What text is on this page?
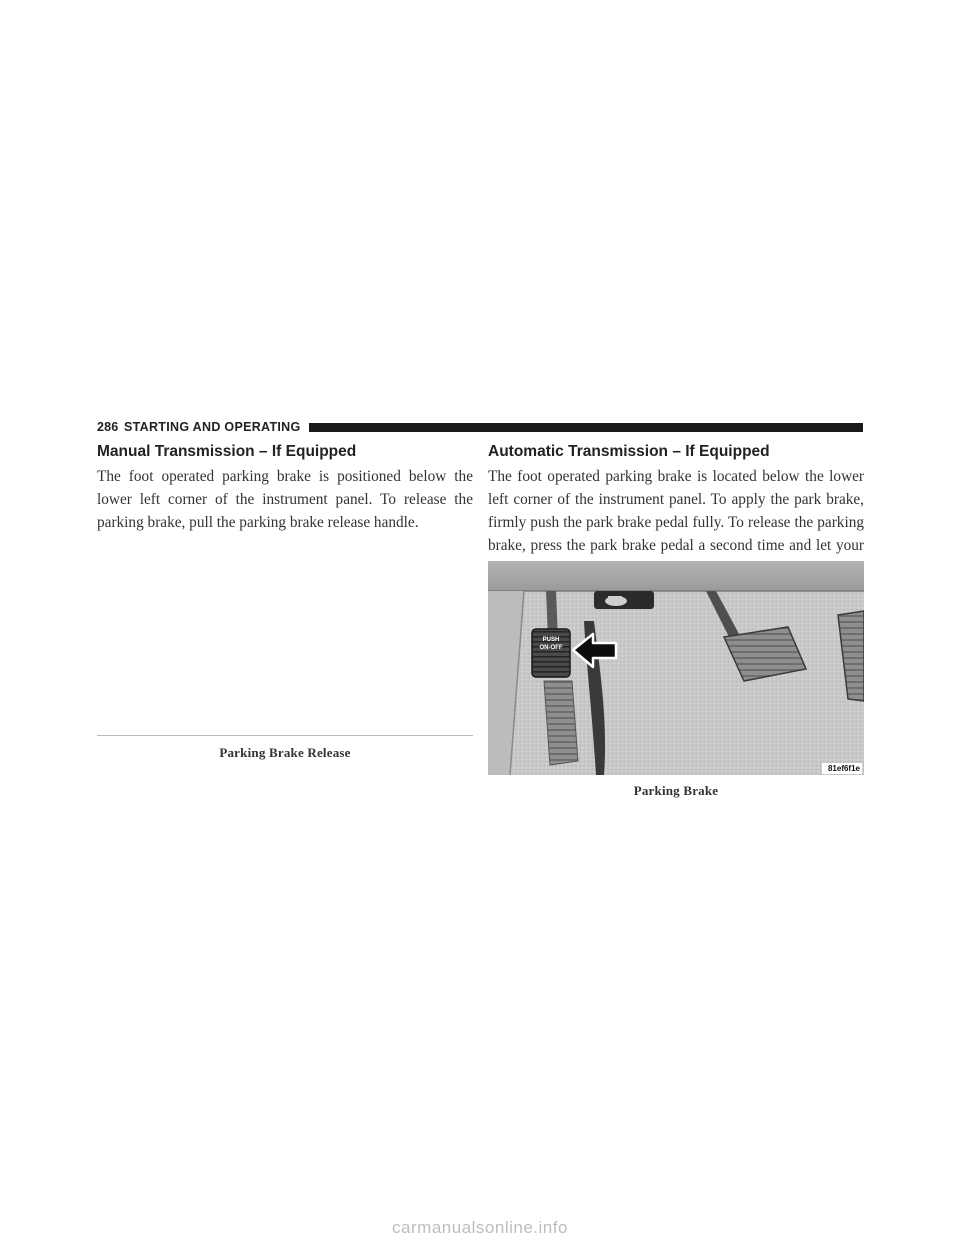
286 STARTING AND OPERATING
Manual Transmission – If Equipped

The foot operated parking brake is positioned below the lower left corner of the instrument panel. To release the parking brake, pull the parking brake release handle.

Parking Brake Release
Automatic Transmission – If Equipped

The foot operated parking brake is located below the lower left corner of the instrument panel. To apply the park brake, firmly push the park brake pedal fully. To release the parking brake, press the park brake pedal a second time and let your

PUSH
ON-OFF
81ef6f1e
Parking Brake
carmanualsonline.info
